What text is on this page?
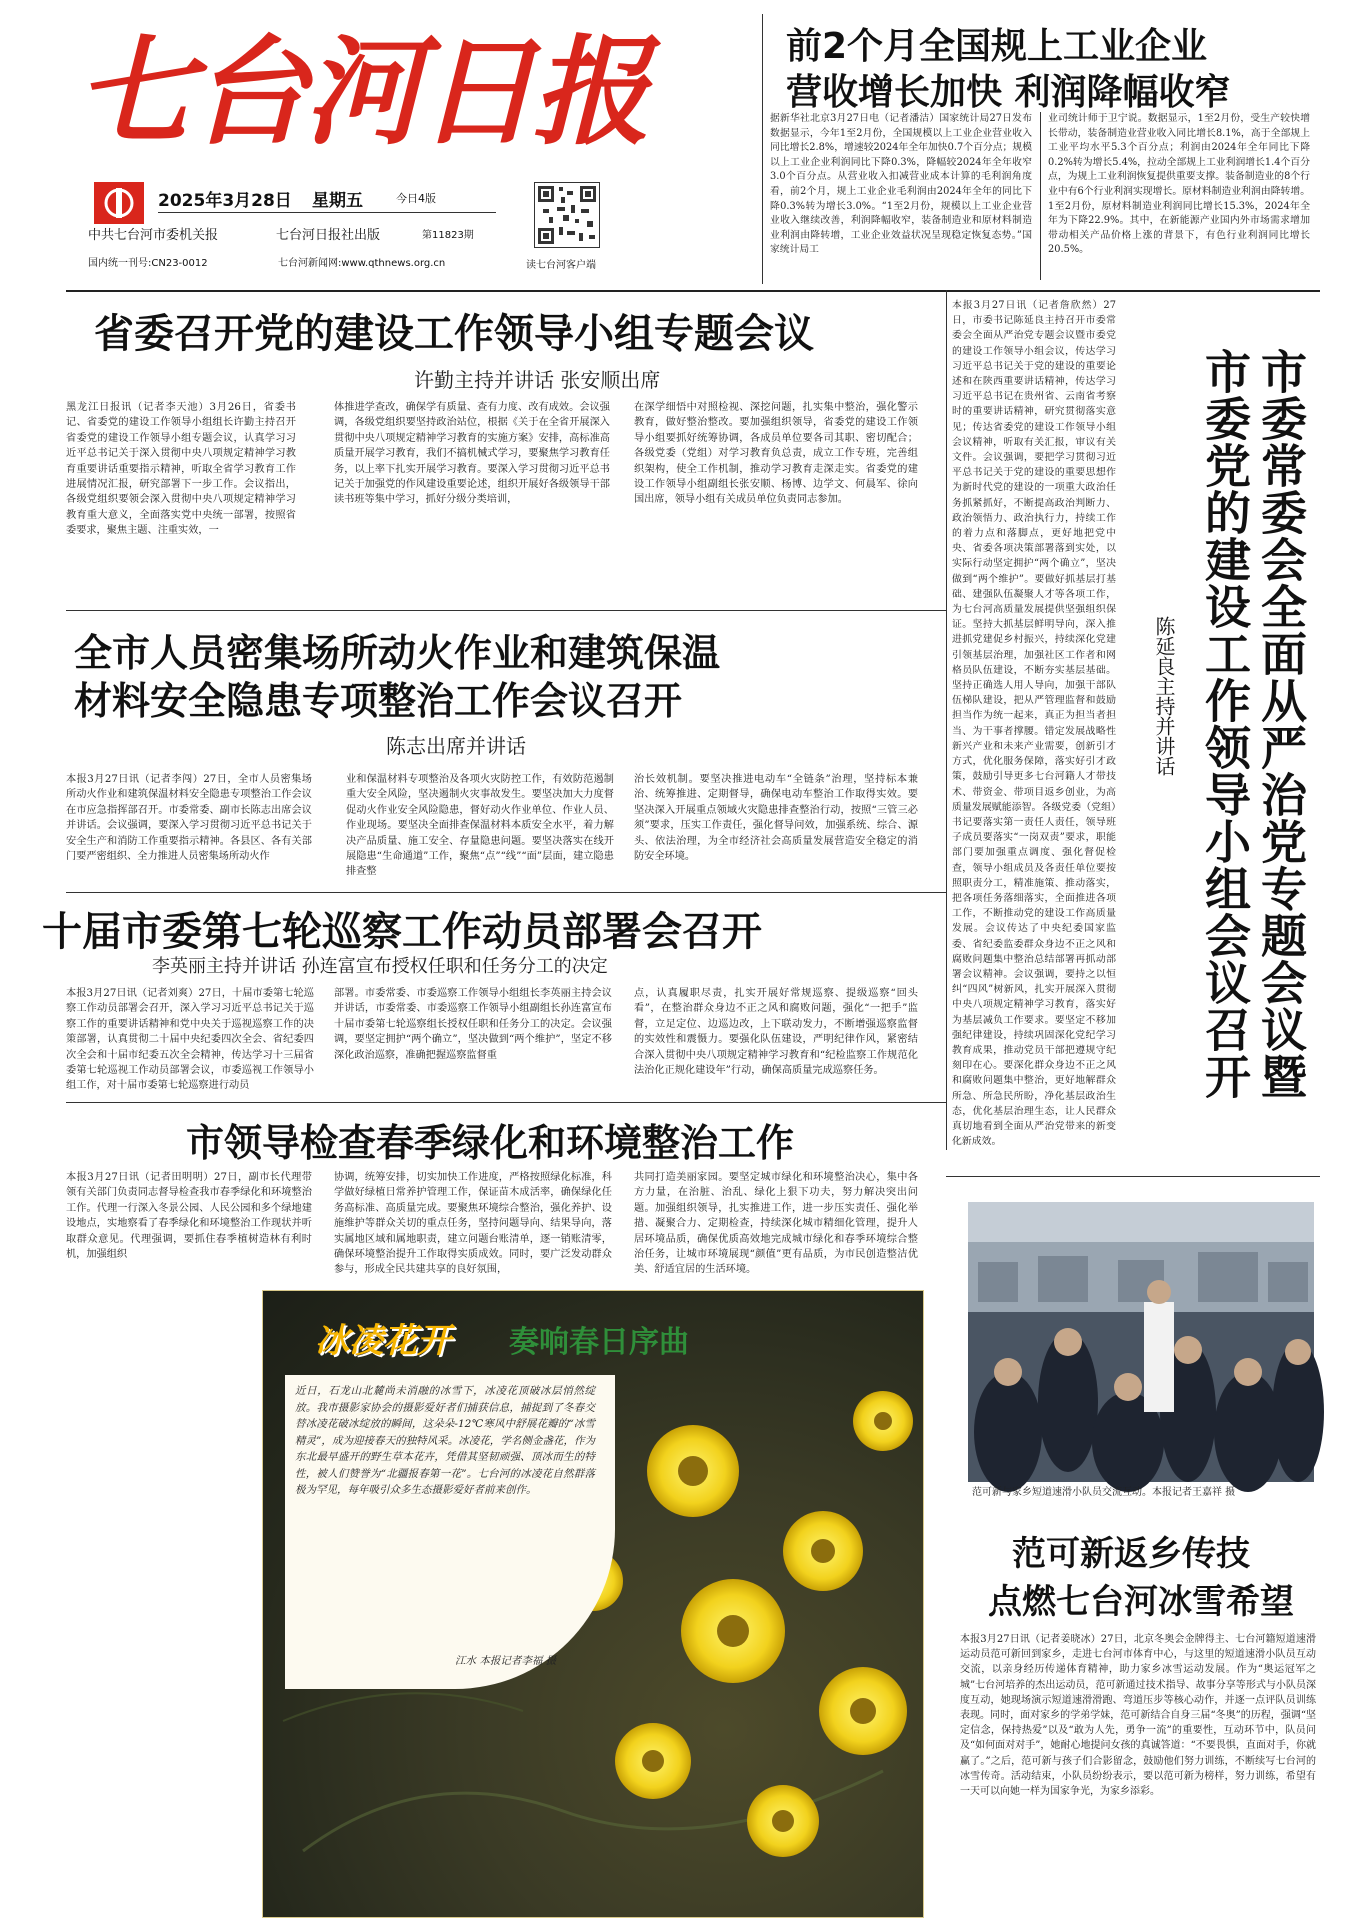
七台河日报
2025年3月28日 星期五	今日4版
中共七台河市委机关报	七台河日报社出版	第11823期
国内统一刊号:CN23-0012	七台河新闻网:www.qthnews.org.cn	读七台河客户端
前2个月全国规上工业企业
营收增长加快 利润降幅收窄
据新华社北京3月27日电（记者潘洁）国家统计局27日发布数据显示，今年1至2月份，全国规模以上工业企业营业收入同比增长2.8%，增速较2024年全年加快0.7个百分点；规模以上工业企业利润同比下降0.3%，降幅较2024年全年收窄3.0个百分点。从营业收入扣减营业成本计算的毛利润角度看，前2个月，规上工业企业毛利润由2024年全年的同比下降0.3%转为增长3.0%。“1至2月份，规模以上工业企业营业收入继续改善，利润降幅收窄，装备制造业和原材料制造业利润由降转增，工业企业效益状况呈现稳定恢复态势。”国家统计局工
业司统计师于卫宁说。数据显示，1至2月份，受生产较快增长带动，装备制造业营业收入同比增长8.1%，高于全部规上工业平均水平5.3个百分点；利润由2024年全年同比下降0.2%转为增长5.4%，拉动全部规上工业利润增长1.4个百分点，为规上工业利润恢复提供重要支撑。装备制造业的8个行业中有6个行业利润实现增长。原材料制造业利润由降转增。1至2月份，原材料制造业利润同比增长15.3%，2024年全年为下降22.9%。其中，在新能源产业国内外市场需求增加带动相关产品价格上涨的背景下，有色行业利润同比增长20.5%。
省委召开党的建设工作领导小组专题会议
许勤主持并讲话 张安顺出席
黑龙江日报讯（记者李天池）3月26日，省委书记、省委党的建设工作领导小组组长许勤主持召开省委党的建设工作领导小组专题会议，认真学习习近平总书记关于深入贯彻中央八项规定精神学习教育重要讲话重要指示精神，听取全省学习教育工作进展情况汇报，研究部署下一步工作。会议指出，各级党组织要领会深入贯彻中央八项规定精神学习教育重大意义，全面落实党中央统一部署，按照省委要求，聚焦主题、注重实效，一
体推进学查改，确保学有质量、查有力度、改有成效。会议强调，各级党组织要坚持政治站位，根据《关于在全省开展深入贯彻中央八项规定精神学习教育的实施方案》安排，高标准高质量开展学习教育，我们不搞机械式学习，要聚焦学习教育任务，以上率下扎实开展学习教育。要深入学习贯彻习近平总书记关于加强党的作风建设重要论述，组织开展好各级领导干部读书班等集中学习，抓好分级分类培训，
在深学细悟中对照检视、深挖问题，扎实集中整治，强化警示教育，做好整治整改。要加强组织领导，省委党的建设工作领导小组要抓好统筹协调，各成员单位要各司其职、密切配合；各级党委（党组）对学习教育负总责，成立工作专班，完善组织架构，使全工作机制，推动学习教育走深走实。省委党的建设工作领导小组副组长张安顺、杨博、边学文、何晨军、徐向国出席，领导小组有关成员单位负责同志参加。
全市人员密集场所动火作业和建筑保温
材料安全隐患专项整治工作会议召开
陈志出席并讲话
本报3月27日讯（记者李闯）27日，全市人员密集场所动火作业和建筑保温材料安全隐患专项整治工作会议在市应急指挥部召开。市委常委、副市长陈志出席会议并讲话。会议强调，要深入学习贯彻习近平总书记关于安全生产和消防工作重要指示精神。各县区、各有关部门要严密组织、全力推进人员密集场所动火作
业和保温材料专项整治及各项火灾防控工作，有效防范遏制重大安全风险，坚决遏制火灾事故发生。要坚决加大力度督促动火作业安全风险隐患，督好动火作业单位、作业人员、作业现场。要坚决全面排查保温材料本质安全水平，着力解决产品质量、施工安全、存量隐患问题。要坚决落实在线开展隐患“生命通道”工作，聚焦“点”“线”“面”层面，建立隐患排查整
治长效机制。要坚决推进电动车“全链条”治理，坚持标本兼治、统筹推进、定期督导，确保电动车整治工作取得实效。要坚决深入开展重点领域火灾隐患排查整治行动，按照“三管三必须”要求，压实工作责任，强化督导问效，加强系统、综合、源头、依法治理，为全市经济社会高质量发展营造安全稳定的消防安全环境。
十届市委第七轮巡察工作动员部署会召开
李英丽主持并讲话 孙连富宣布授权任职和任务分工的决定
本报3月27日讯（记者刘爽）27日，十届市委第七轮巡察工作动员部署会召开，深入学习习近平总书记关于巡察工作的重要讲话精神和党中央关于巡视巡察工作的决策部署，认真贯彻二十届中央纪委四次全会、省纪委四次全会和十届市纪委五次全会精神，传达学习十三届省委第七轮巡视工作动员部署会议，市委巡视工作领导小组工作，对十届市委第七轮巡察进行动员
部署。市委常委、市委巡察工作领导小组组长李英丽主持会议并讲话，市委常委、市委巡察工作领导小组副组长孙连富宣布十届市委第七轮巡察组长授权任职和任务分工的决定。会议强调，要坚定拥护“两个确立”，坚决做到“两个维护”，坚定不移深化政治巡察，准确把握巡察监督重
点，认真履职尽责，扎实开展好常规巡察、提级巡察“回头看”，在整治群众身边不正之风和腐败问题，强化“一把手”监督，立足定位、边巡边改，上下联动发力，不断增强巡察监督的实效性和震慑力。要强化队伍建设，严明纪律作风，紧密结合深入贯彻中央八项规定精神学习教育和“纪检监察工作规范化法治化正规化建设年”行动，确保高质量完成巡察任务。
市领导检查春季绿化和环境整治工作
本报3月27日讯（记者田明明）27日，副市长代理带领有关部门负责同志督导检查我市春季绿化和环境整治工作。代理一行深入冬景公园、人民公园和多个绿地建设地点，实地察看了春季绿化和环境整治工作现状并听取群众意见。代理强调，要抓住春季植树造林有利时机，加强组织
协调，统筹安排，切实加快工作进度，严格按照绿化标准，科学做好绿植日常养护管理工作，保证苗木成活率，确保绿化任务高标准、高质量完成。要聚焦环境综合整治，强化养护、设施维护等群众关切的重点任务，坚持问题导向、结果导向，落实属地区域和属地职责，建立问题台账清单，逐一销账清零，确保环境整治提升工作取得实质成效。同时，要广泛发动群众参与，形成全民共建共享的良好氛围，
共同打造美丽家园。要坚定城市绿化和环境整治决心，集中各方力量，在治脏、治乱、绿化上狠下功夫，努力解决突出问题。加强组织领导，扎实推进工作，进一步压实责任、强化举措、凝聚合力、定期检查，持续深化城市精细化管理，提升人居环境品质，确保优质高效地完成城市绿化和春季环境综合整治任务，让城市环境展现“颜值”更有品质，为市民创造整洁优美、舒适宜居的生活环境。
冰凌花开 奏响春日序曲
近日，石龙山北麓尚未消融的冰雪下，冰凌花顶破冰层悄然绽放。我市摄影家协会的摄影爱好者们捕获信息，捕捉到了冬春交替冰凌花破冰绽放的瞬间，这朵朵-12℃寒风中舒展花瓣的“冰雪精灵”，成为迎接春天的独特风采。冰凌花，学名侧金盏花，作为东北最早盛开的野生草本花卉，凭借其坚韧顽强、顶冰而生的特性，被人们赞誉为“北疆报春第一花”。七台河的冰凌花自然群落极为罕见，每年吸引众多生态摄影爱好者前来创作。
江水 本报记者李福 摄
本报3月27日讯（记者詹欣然）27日，市委书记陈延良主持召开市委常委会全面从严治党专题会议暨市委党的建设工作领导小组会议，传达学习习近平总书记关于党的建设的重要论述和在陕西重要讲话精神，传达学习习近平总书记在贵州省、云南省考察时的重要讲话精神，研究贯彻落实意见；传达省委党的建设工作领导小组会议精神，听取有关汇报，审议有关文件。会议强调，要把学习贯彻习近平总书记关于党的建设的重要思想作为新时代党的建设的一项重大政治任务抓紧抓好，不断提高政治判断力、政治领悟力、政治执行力，持续工作的着力点和落脚点，更好地把党中央、省委各项决策部署落到实处，以实际行动坚定拥护“两个确立”，坚决做到“两个维护”。要做好抓基层打基础、建强队伍凝聚人才等各项工作，为七台河高质量发展提供坚强组织保证。坚持大抓基层鲜明导向，深入推进抓党建促乡村振兴，持续深化党建引领基层治理，加强社区工作者和网格员队伍建设，不断夯实基层基础。坚持正确选人用人导向，加强干部队伍梯队建设，把从严管理监督和鼓励担当作为统一起来，真正为担当者担当、为干事者撑腰。错定发展战略性新兴产业和未来产业需要，创新引才方式，优化服务保障，落实好引才政策，鼓励引导更多七台河籍人才带技术、带资金、带项目返乡创业，为高质量发展赋能添智。各级党委（党组）书记要落实第一责任人责任，领导班子成员要落实“一岗双责”要求，职能部门要加强重点调度、强化督促检查，领导小组成员及各责任单位要按照职责分工，精准施策、推动落实，把各项任务落细落实，全面推进各项工作，不断推动党的建设工作高质量发展。会议传达了中央纪委国家监委、省纪委监委群众身边不正之风和腐败问题集中整治总结部署再抓动部署会议精神。会议强调，要持之以恒纠“四风”树新风，扎实开展深入贯彻中央八项规定精神学习教育，落实好为基层减负工作要求。要坚定不移加强纪律建设，持续巩固深化党纪学习教育成果，推动党员干部把遵规守纪刻印在心。要深化群众身边不正之风和腐败问题集中整治，更好地解群众所急、所急民所盼，净化基层政治生态，优化基层治理生态，让人民群众真切地看到全面从严治党带来的新变化新成效。
市委常委会全面从严治党专题会议暨
市委党的建设工作领导小组会议召开
陈延良主持并讲话
范可新与家乡短道速滑小队员交流互动。本报记者王嘉祥 摄
范可新返乡传技
点燃七台河冰雪希望
本报3月27日讯（记者姜晓冰）27日，北京冬奥会金牌得主、七台河籍短道速滑运动员范可新回到家乡，走进七台河市体育中心，与这里的短道速滑小队员互动交流，以亲身经历传递体育精神，助力家乡冰雪运动发展。作为“奥运冠军之城”七台河培养的杰出运动员，范可新通过技术指导、故事分享等形式与小队员深度互动，她现场演示短道速滑滑跑、弯道压步等核心动作，并逐一点评队员训练表现。同时，面对家乡的学弟学妹，范可新结合自身三届“冬奥”的历程，强调“坚定信念，保持热爱”以及“敢为人先，勇争一流”的重要性，互动环节中，队员问及“如何面对对手”，她耐心地提问女孩的真诚答道：“不要畏惧，直面对手，你就赢了。”之后，范可新与孩子们合影留念，鼓励他们努力训练，不断续写七台河的冰雪传奇。活动结束，小队员纷纷表示，要以范可新为榜样，努力训练，希望有一天可以向她一样为国家争光，为家乡添彩。
